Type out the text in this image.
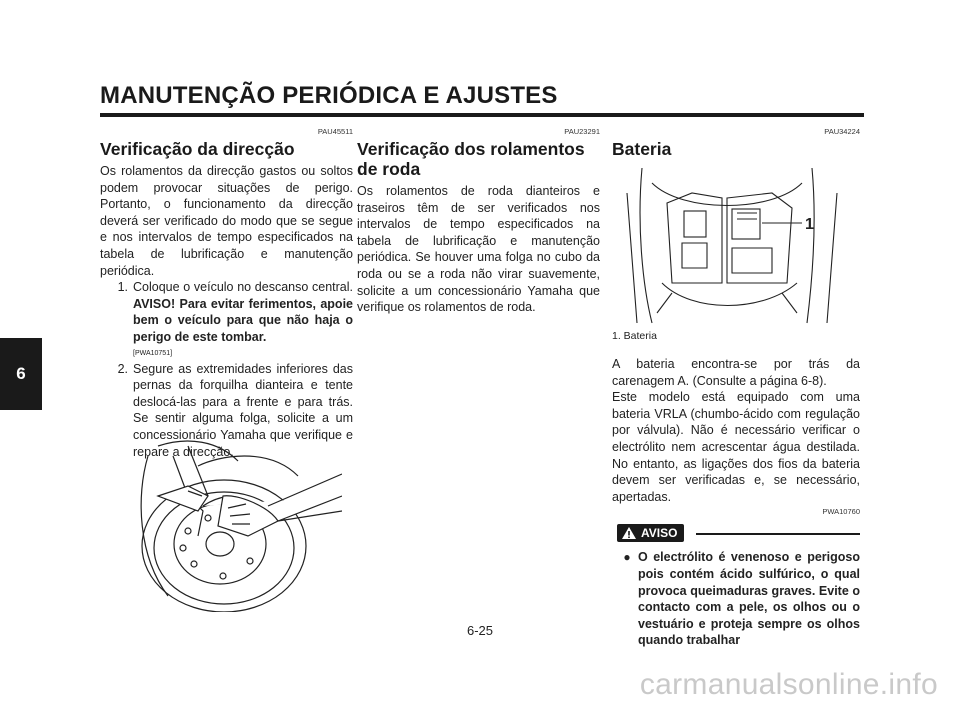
MANUTENÇÃO PERIÓDICA E AJUSTES
6
PAU45511
Verificação da direcção

Os rolamentos da direcção gastos ou soltos podem provocar situações de perigo. Portanto, o funcionamento da direcção deverá ser verificado do modo que se segue e nos intervalos de tempo especificados na tabela de lubrificação e manutenção periódica.

1. Coloque o veículo no descanso central. AVISO! Para evitar ferimentos, apoie bem o veículo para que não haja o perigo de este tombar.
[PWA10751]
2. Segure as extremidades inferiores das pernas da forquilha dianteira e tente deslocá-las para a frente e para trás. Se sentir alguma folga, solicite a um concessionário Yamaha que verifique e repare a direcção.
PAU23291
Verificação dos rolamentos de roda

Os rolamentos de roda dianteiros e traseiros têm de ser verificados nos intervalos de tempo especificados na tabela de lubrificação e manutenção periódica. Se houver uma folga no cubo da roda ou se a roda não virar suavemente, solicite a um concessionário Yamaha que verifique os rolamentos de roda.

PAU34224
Bateria
1
1. Bateria

A bateria encontra-se por trás da carenagem A. (Consulte a página 6-8).

Este modelo está equipado com uma bateria VRLA (chumbo-ácido com regulação por válvula). Não é necessário verificar o electrólito nem acrescentar água destilada. No entanto, as ligações dos fios da bateria devem ser verificadas e, se necessário, apertadas.

PWA10760
AVISO
● O electrólito é venenoso e perigoso pois contém ácido sulfúrico, o qual provoca queimaduras graves. Evite o contacto com a pele, os olhos ou o vestuário e proteja sempre os olhos quando trabalhar
6-25
carmanualsonline.info
